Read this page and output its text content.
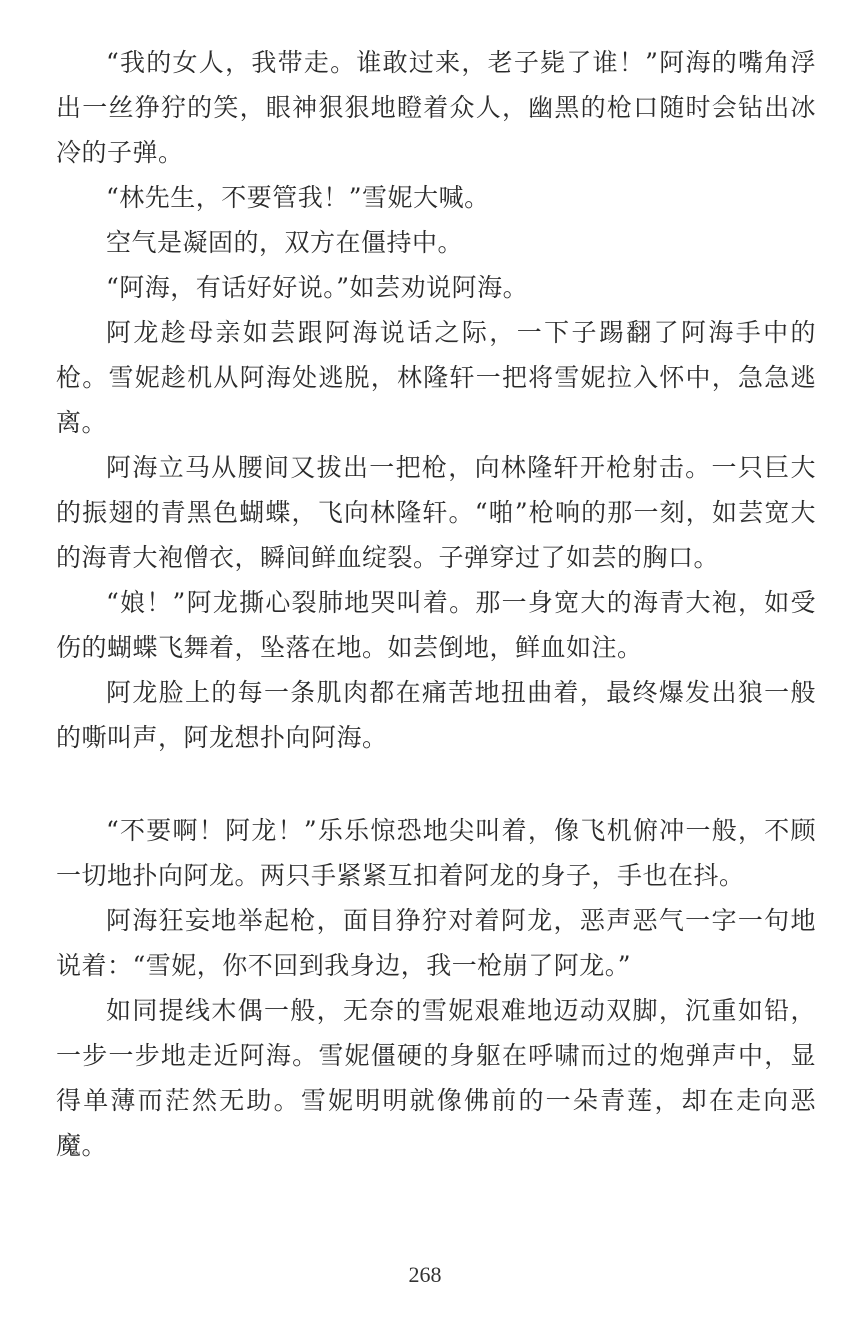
“我的女人，我带走。谁敢过来，老子毙了谁！”阿海的嘴角浮出一丝狰狞的笑，眼神狠狠地瞪着众人，幽黑的枪口随时会钻出冰冷的子弹。

“林先生，不要管我！”雪妮大喊。

空气是凝固的，双方在僵持中。

“阿海，有话好好说。”如芸劝说阿海。

阿龙趁母亲如芸跟阿海说话之际，一下子踢翻了阿海手中的枪。雪妮趁机从阿海处逃脱，林隆轩一把将雪妮拉入怀中，急急逃离。

阿海立马从腰间又拔出一把枪，向林隆轩开枪射击。一只巨大的振翅的青黑色蝴蝶，飞向林隆轩。“啪”枪响的那一刻，如芸宽大的海青大袍僧衣，瞬间鲜血绽裂。子弹穿过了如芸的胸口。

“娘！”阿龙撕心裂肺地哭叫着。那一身宽大的海青大袍，如受伤的蝴蝶飞舞着，坠落在地。如芸倒地，鲜血如注。

阿龙脸上的每一条肌肉都在痛苦地扭曲着，最终爆发出狼一般的嘶叫声，阿龙想扑向阿海。

“不要啊！阿龙！”乐乐惊恐地尖叫着，像飞机俯冲一般，不顾一切地扑向阿龙。两只手紧紧互扣着阿龙的身子，手也在抖。

阿海狂妄地举起枪，面目狰狞对着阿龙，恶声恶气一字一句地说着：“雪妮，你不回到我身边，我一枪崩了阿龙。”

如同提线木偶一般，无奈的雪妮艰难地迈动双脚，沉重如铅，一步一步地走近阿海。雪妮僵硬的身躯在呼啸而过的炮弹声中，显得单薄而茫然无助。雪妮明明就像佛前的一朵青莲，却在走向恶魔。

268
